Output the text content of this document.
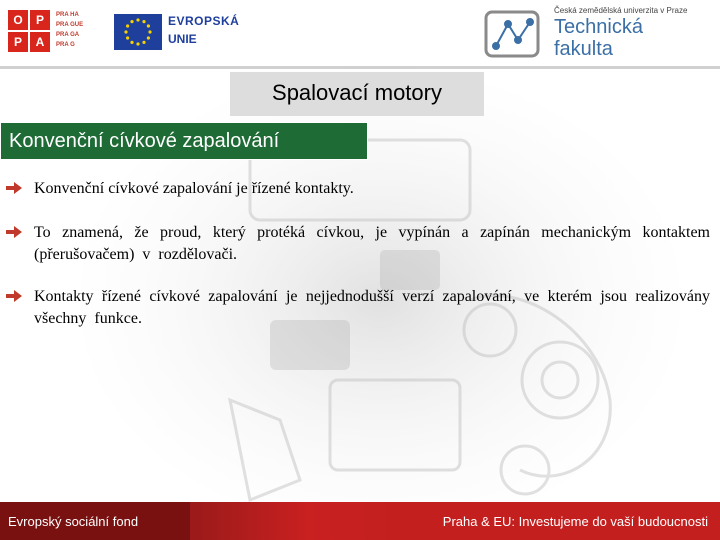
O	P
P	A
PRA HA
PRA GUE
PRA GA
PRA G
EVROPSKÁ
UNIE
Česká zemědělská univerzita v Praze
Technická
fakulta
Spalovací motory
Konvenční cívkové zapalování
Konvenční cívkové zapalování je řízené kontakty.
To znamená, že proud, který protéká cívkou, je vypínán a zapínán mechanickým kontaktem (přerušovačem) v rozdělovači.
Kontakty řízené cívkové zapalování je nejjednodušší verzí zapalování, ve kterém jsou realizovány všechny funkce.
Evropský sociální fond	Praha & EU: Investujeme do vaší budoucnosti
